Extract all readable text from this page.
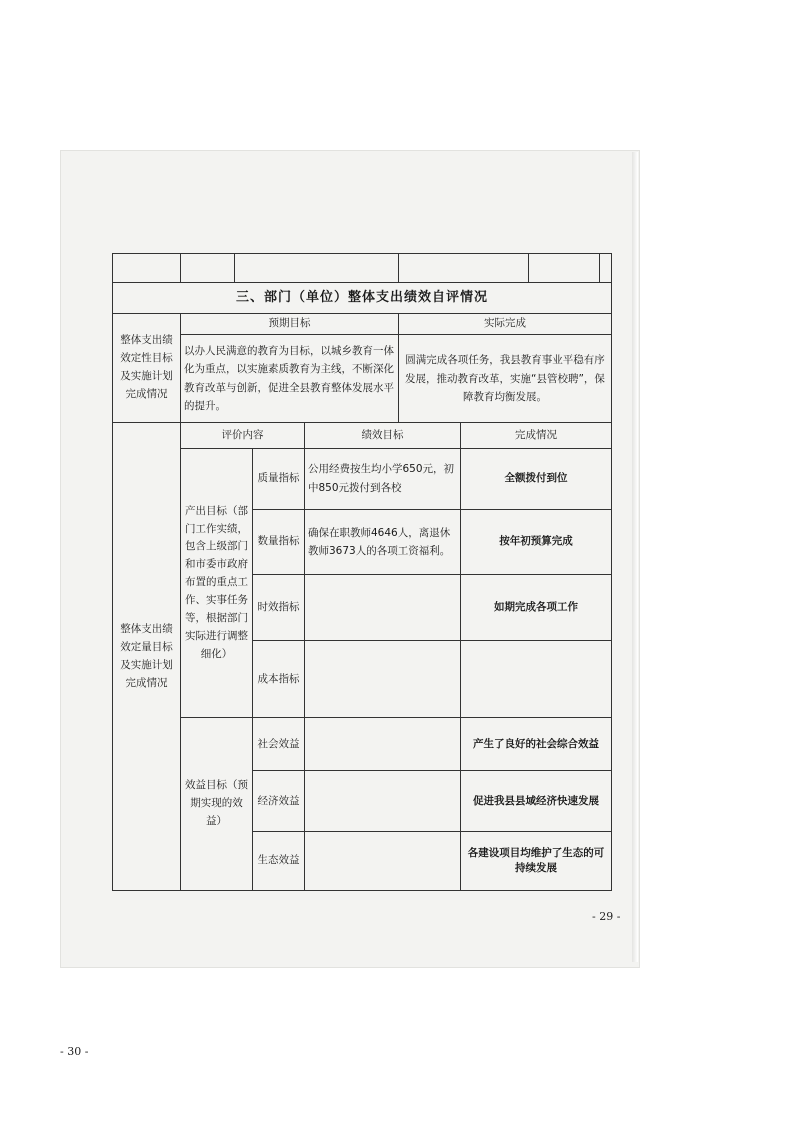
三、部门（单位）整体支出绩效自评情况								
整体支出绩效定性目标及实施计划完成情况	预期目标				实际完成			
	以办人民满意的教育为目标，以城乡教育一体化为重点，以实施素质教育为主线，不断深化教育改革与创新，促进全县教育整体发展水平的提升。				圆满完成各项任务，我县教育事业平稳有序发展，推动教育改革，实施“县管校聘”，保障教育均衡发展。			
整体支出绩效定量目标及实施计划完成情况	评价内容			绩效目标		完成情况		
	产出目标（部门工作实绩，包含上级部门和市委市政府布置的重点工作、实事任务等，根据部门实际进行调整细化）		质量指标	公用经费按生均小学650元，初中850元拨付到各校		全额拨付到位		
			数量指标	确保在职教师4646人，离退休教师3673人的各项工资福利。		按年初预算完成		
			时效指标			如期完成各项工作		
			成本指标					
	效益目标（预期实现的效益）		社会效益			产生了良好的社会综合效益		
			经济效益			促进我县县域经济快速发展		
			生态效益			各建设项目均维护了生态的可持续发展		
- 29 -
- 30 -
